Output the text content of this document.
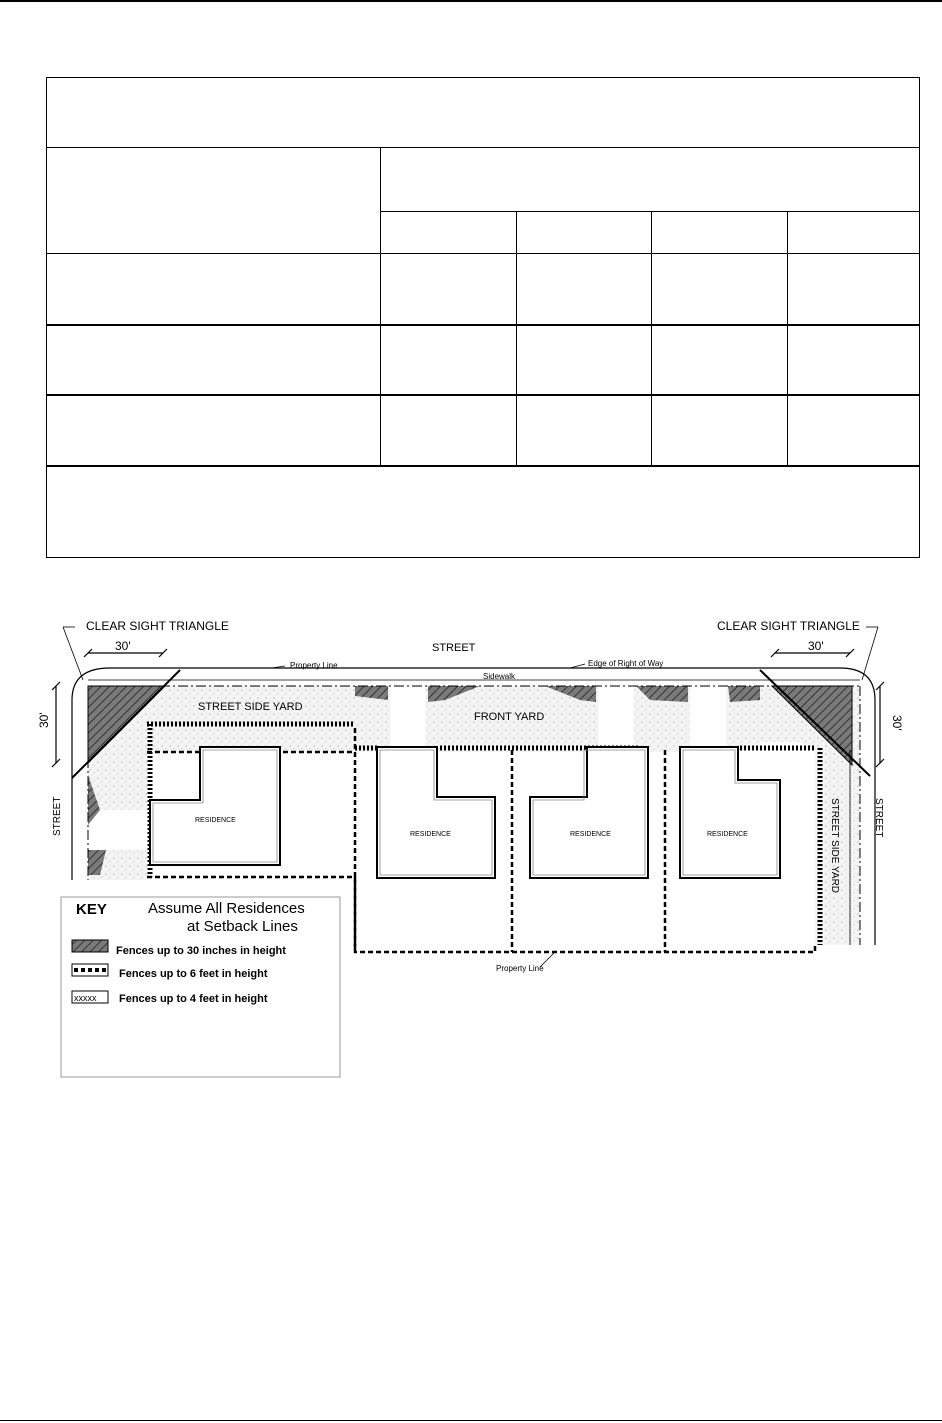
CLEAR SIGHT TRIANGLE	CLEAR SIGHT TRIANGLE
30'	30'
30'	30'
STREET
STREET	STREET
Property Line	Edge of Right of Way
Sidewalk
STREET SIDE YARD
FRONT YARD
STREET SIDE YARD
RESIDENCE
RESIDENCE	RESIDENCE	RESIDENCE
Property Line
KEY	Assume All Residences
at Setback Lines
Fences up to 30 inches in height
Fences up to 6 feet in height
xxxxx Fences up to 4 feet in height
